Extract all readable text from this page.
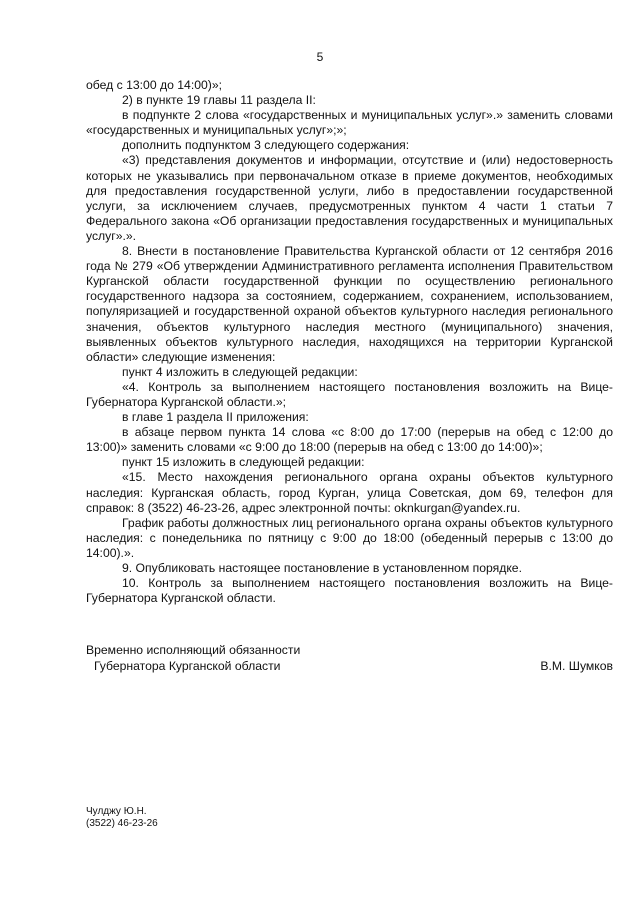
5

обед с 13:00 до 14:00)»;

2) в пункте 19 главы 11 раздела II:

в подпункте 2 слова «государственных и муниципальных услуг».» заменить словами «государственных и муниципальных услуг»;»;

дополнить подпунктом 3 следующего содержания:

«3) представления документов и информации, отсутствие и (или) недостоверность которых не указывались при первоначальном отказе в приеме документов, необходимых для предоставления государственной услуги, либо в предоставлении государственной услуги, за исключением случаев, предусмотренных пунктом 4 части 1 статьи 7 Федерального закона «Об организации предоставления государственных и муниципальных услуг».».

8. Внести в постановление Правительства Курганской области от 12 сентября 2016 года № 279 «Об утверждении Административного регламента исполнения Правительством Курганской области государственной функции по осуществлению регионального государственного надзора за состоянием, содержанием, сохранением, использованием, популяризацией и государственной охраной объектов культурного наследия регионального значения, объектов культурного наследия местного (муниципального) значения, выявленных объектов культурного наследия, находящихся на территории Курганской области» следующие изменения:

пункт 4 изложить в следующей редакции:

«4. Контроль за выполнением настоящего постановления возложить на Вице-Губернатора Курганской области.»;

в главе 1 раздела II приложения:

в абзаце первом пункта 14 слова «с 8:00 до 17:00 (перерыв на обед с 12:00 до 13:00)» заменить словами «с 9:00 до 18:00 (перерыв на обед с 13:00 до 14:00)»;

пункт 15 изложить в следующей редакции:

«15. Место нахождения регионального органа охраны объектов культурного наследия: Курганская область, город Курган, улица Советская, дом 69, телефон для справок: 8 (3522) 46-23-26, адрес электронной почты: oknkurgan@yandex.ru.

График работы должностных лиц регионального органа охраны объектов культурного наследия: с понедельника по пятницу с 9:00 до 18:00 (обеденный перерыв с 13:00 до 14:00).».

9. Опубликовать настоящее постановление в установленном порядке.

10. Контроль за выполнением настоящего постановления возложить на Вице-Губернатора Курганской области.

Временно исполняющий обязанности
Губернатора Курганской области	В.М. Шумков
Чулджу Ю.Н.
(3522) 46-23-26
